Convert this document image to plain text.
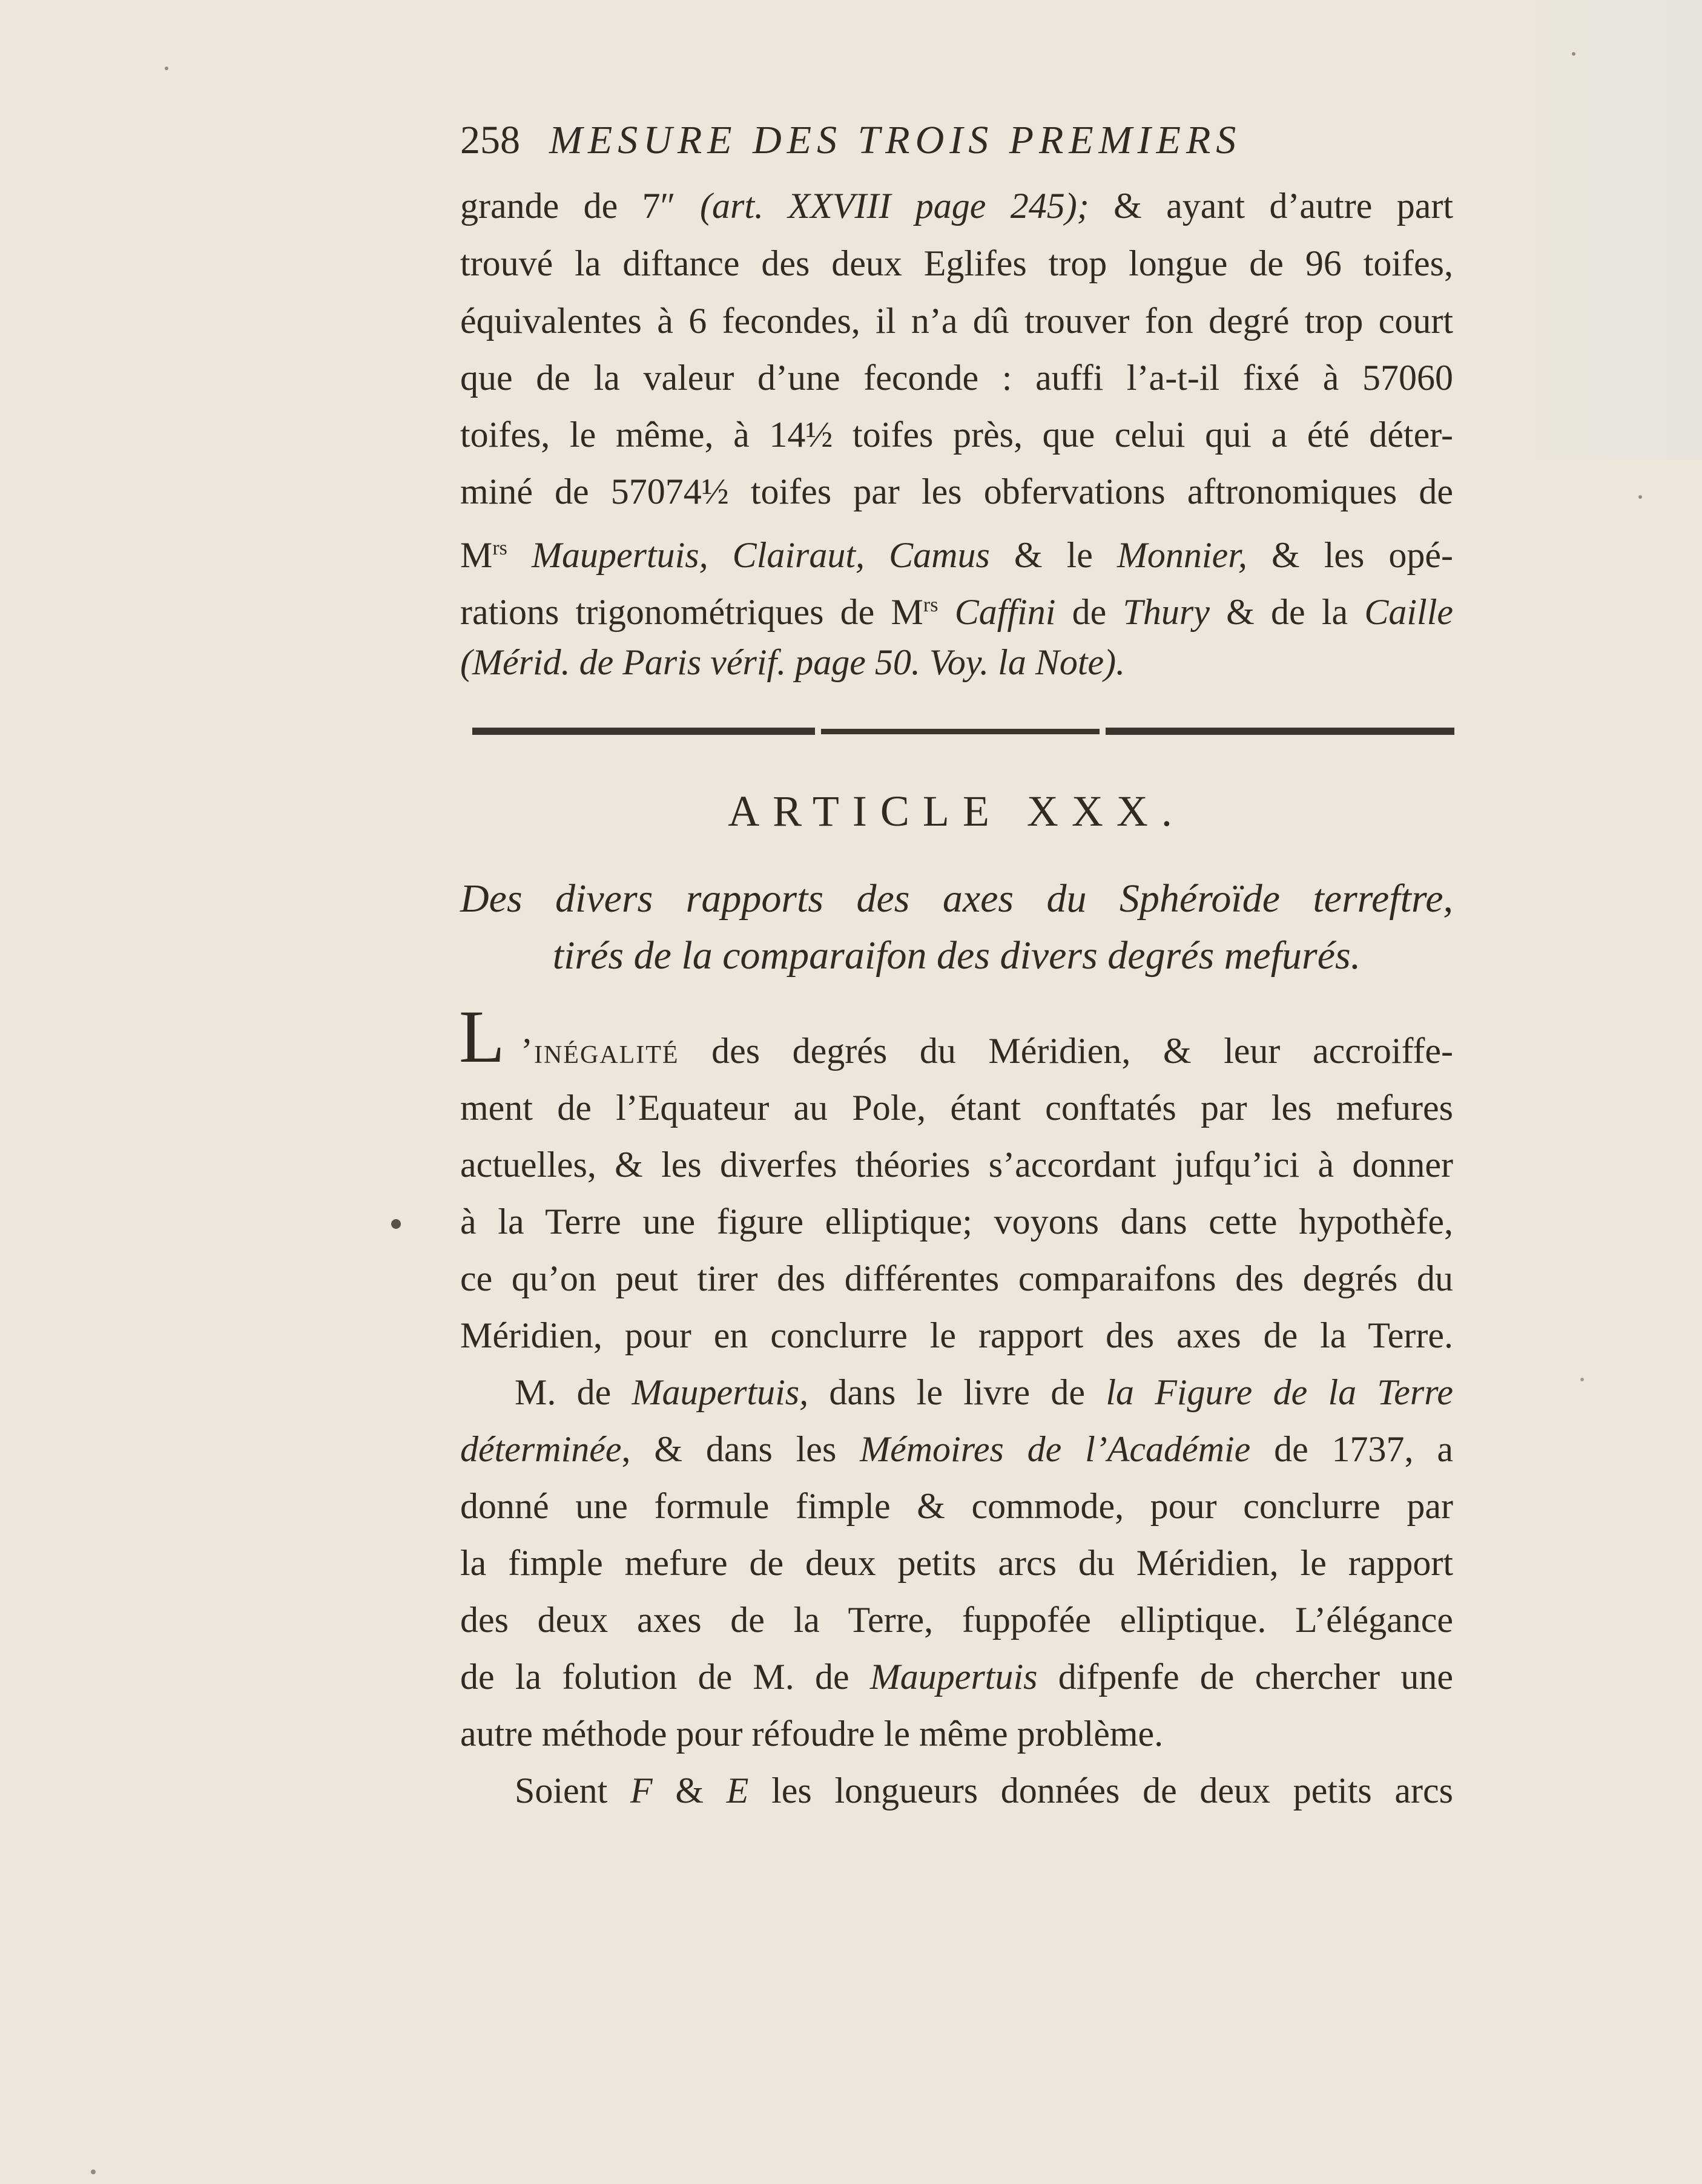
258 MESURE DES TROIS PREMIERS
grande de 7″ (art. XXVIII page 245); & ayant d’autre part
trouvé la diftance des deux Eglifes trop longue de 96 toifes,
équivalentes à 6 fecondes, il n’a dû trouver fon degré trop court
que de la valeur d’une feconde : auffi l’a-t-il fixé à 57060
toifes, le même, à 14½ toifes près, que celui qui a été déter-
miné de 57074½ toifes par les obfervations aftronomiques de
$M^{rs}$ Maupertuis, Clairaut, Camus & le Monnier, & les opé-
rations trigonométriques de $M^{rs}$ Caffini de Thury & de la Caille
(Mérid. de Paris vérif. page 50. Voy. la Note).
ARTICLE XXX.
Des divers rapports des axes du Sphéroïde terreftre,
tirés de la comparaifon des divers degrés mefurés.
L ’inégalité des degrés du Méridien, & leur accroiffe-
ment de l’Equateur au Pole, étant conftatés par les mefures
actuelles, & les diverfes théories s’accordant jufqu’ici à donner
à la Terre une figure elliptique; voyons dans cette hypothèfe,
ce qu’on peut tirer des différentes comparaifons des degrés du
Méridien, pour en conclurre le rapport des axes de la Terre.
M. de Maupertuis, dans le livre de la Figure de la Terre
déterminée, & dans les Mémoires de l’Académie de 1737, a
donné une formule fimple & commode, pour conclurre par
la fimple mefure de deux petits arcs du Méridien, le rapport
des deux axes de la Terre, fuppofée elliptique. L’élégance
de la folution de M. de Maupertuis difpenfe de chercher une
autre méthode pour réfoudre le même problème.
Soient F & E les longueurs données de deux petits arcs
